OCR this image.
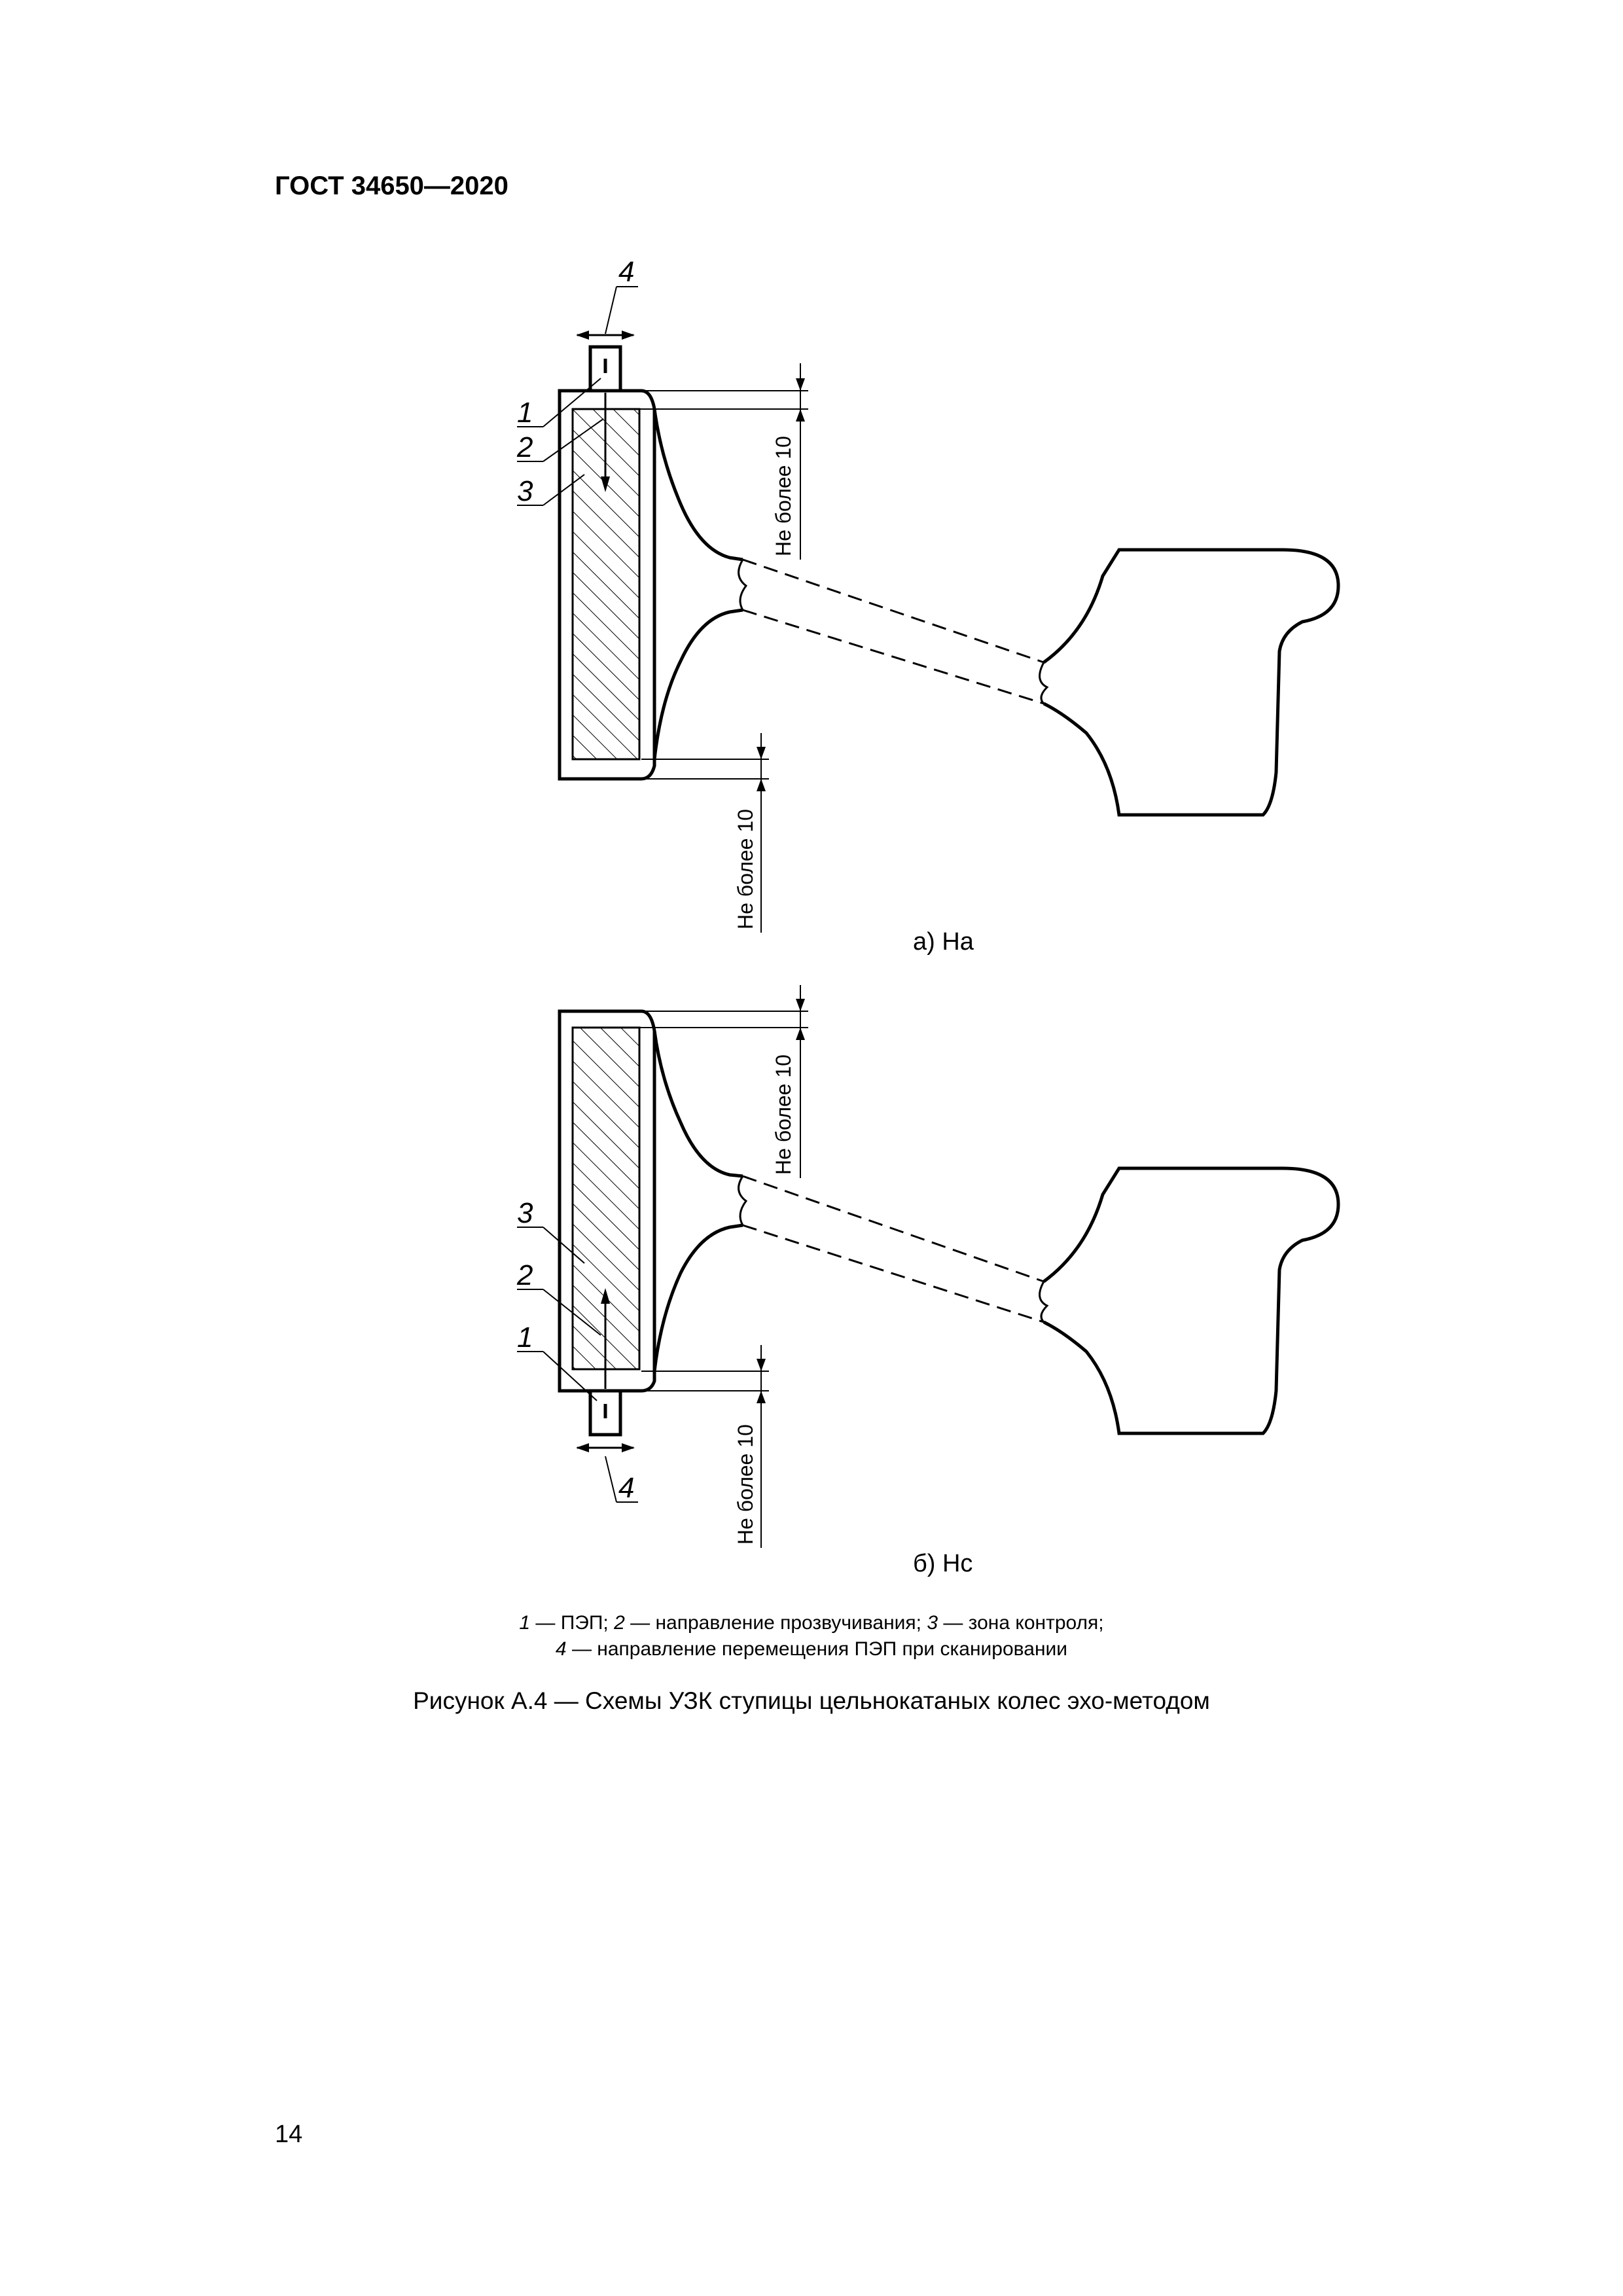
ГОСТ 34650—2020
1
2
3
4
Не более 10
Не более 10
3
2
1
4
Не более 10
Не более 10
а) На
б) Нс
1 — ПЭП; 2 — направление прозвучивания; 3 — зона контроля;
4 — направление перемещения ПЭП при сканировании
Рисунок А.4 — Схемы УЗК ступицы цельнокатаных колес эхо-методом
14
